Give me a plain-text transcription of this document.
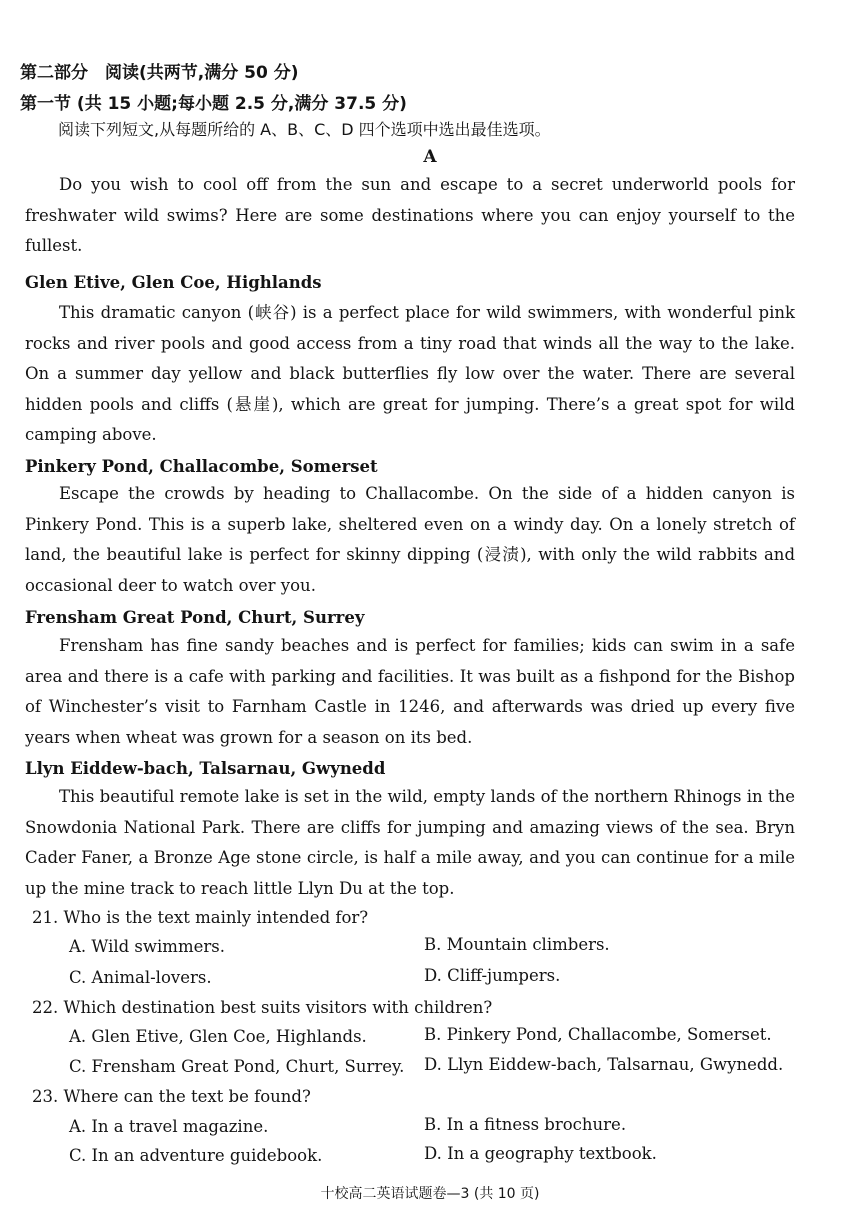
第二部分　阅读(共两节,满分 50 分)
第一节 (共 15 小题;每小题 2.5 分,满分 37.5 分)
阅读下列短文,从每题所给的 A、B、C、D 四个选项中选出最佳选项。
A
Do you wish to cool off from the sun and escape to a secret underworld pools for freshwater wild swims? Here are some destinations where you can enjoy yourself to the fullest.
Glen Etive, Glen Coe, Highlands
This dramatic canyon (峡谷) is a perfect place for wild swimmers, with wonderful pink rocks and river pools and good access from a tiny road that winds all the way to the lake. On a summer day yellow and black butterflies fly low over the water. There are several hidden pools and cliffs (悬崖), which are great for jumping. There’s a great spot for wild camping above.
Pinkery Pond, Challacombe, Somerset
Escape the crowds by heading to Challacombe. On the side of a hidden canyon is Pinkery Pond. This is a superb lake, sheltered even on a windy day. On a lonely stretch of land, the beautiful lake is perfect for skinny dipping (浸渍), with only the wild rabbits and occasional deer to watch over you.
Frensham Great Pond, Churt, Surrey
Frensham has fine sandy beaches and is perfect for families; kids can swim in a safe area and there is a cafe with parking and facilities. It was built as a fishpond for the Bishop of Winchester’s visit to Farnham Castle in 1246, and afterwards was dried up every five years when wheat was grown for a season on its bed.
Llyn Eiddew-bach, Talsarnau, Gwynedd
This beautiful remote lake is set in the wild, empty lands of the northern Rhinogs in the Snowdonia National Park. There are cliffs for jumping and amazing views of the sea. Bryn Cader Faner, a Bronze Age stone circle, is half a mile away, and you can continue for a mile up the mine track to reach little Llyn Du at the top.
21. Who is the text mainly intended for?
A. Wild swimmers.	B. Mountain climbers.
C. Animal-lovers.	D. Cliff-jumpers.
22. Which destination best suits visitors with children?
A. Glen Etive, Glen Coe, Highlands.	B. Pinkery Pond, Challacombe, Somerset.
C. Frensham Great Pond, Churt, Surrey. D. Llyn Eiddew-bach, Talsarnau, Gwynedd.
23. Where can the text be found?
A. In a travel magazine.	B. In a fitness brochure.
C. In an adventure guidebook.	D. In a geography textbook.
十校高二英语试题卷—3 (共 10 页)
